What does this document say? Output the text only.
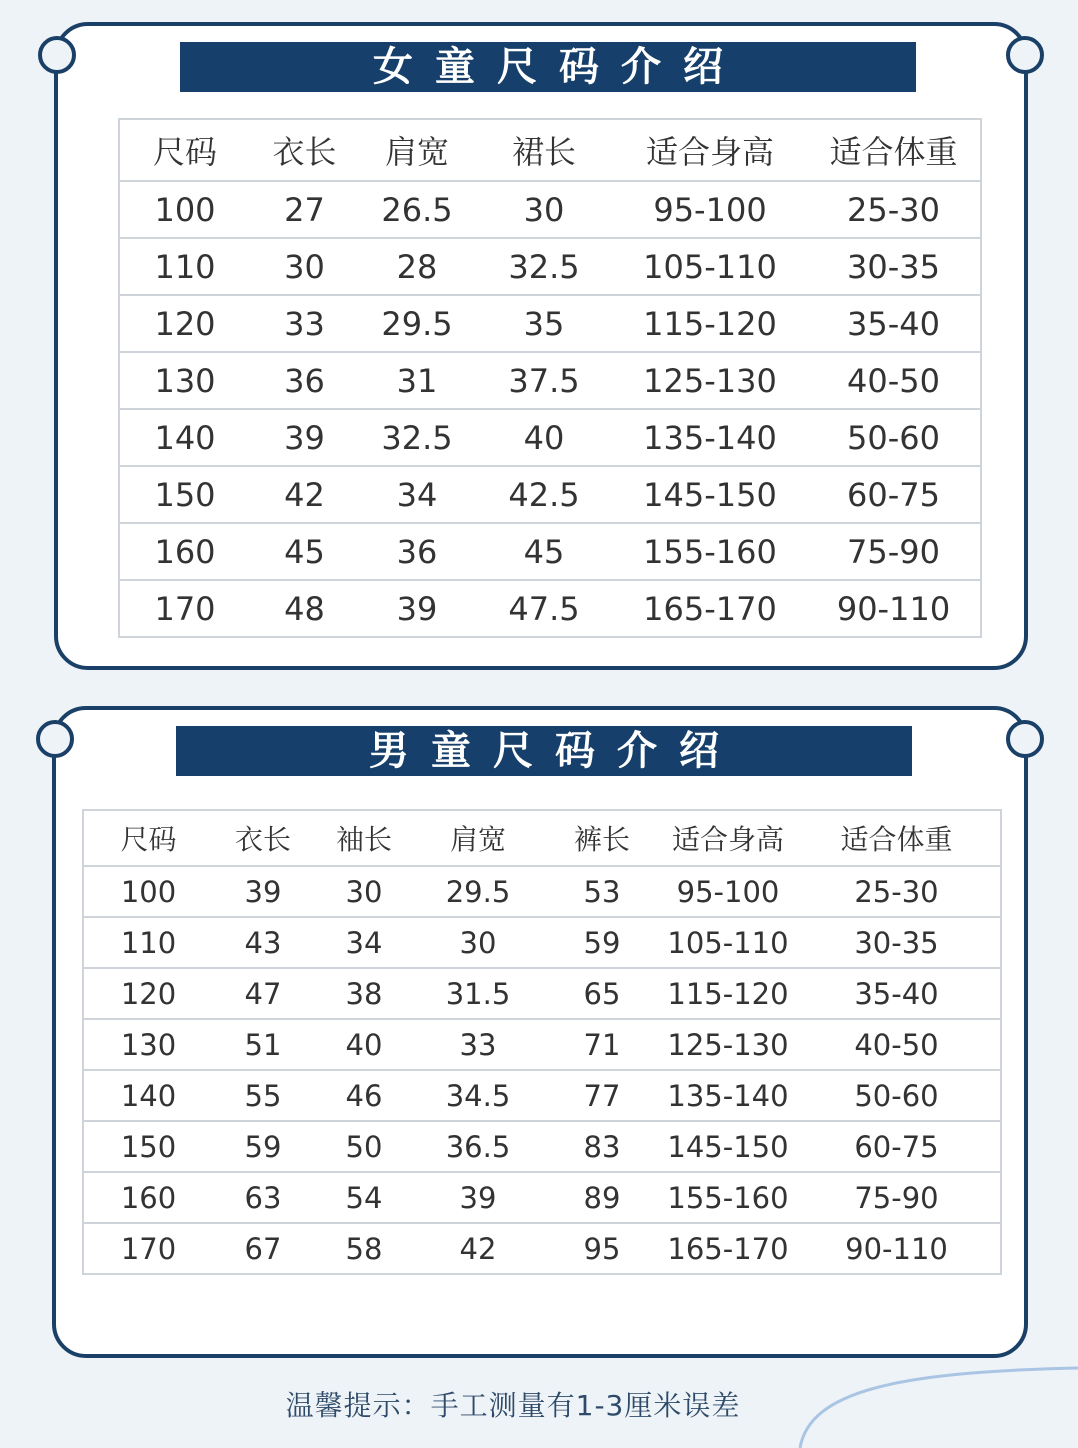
女童尺码介绍
尺码	衣长	肩宽	裙长	适合身高	适合体重
100	27	26.5	30	95-100	25-30
110	30	28	32.5	105-110	30-35
120	33	29.5	35	115-120	35-40
130	36	31	37.5	125-130	40-50
140	39	32.5	40	135-140	50-60
150	42	34	42.5	145-150	60-75
160	45	36	45	155-160	75-90
170	48	39	47.5	165-170	90-110
男童尺码介绍
尺码	衣长	袖长	肩宽	裤长	适合身高	适合体重
100	39	30	29.5	53	95-100	25-30
110	43	34	30	59	105-110	30-35
120	47	38	31.5	65	115-120	35-40
130	51	40	33	71	125-130	40-50
140	55	46	34.5	77	135-140	50-60
150	59	50	36.5	83	145-150	60-75
160	63	54	39	89	155-160	75-90
170	67	58	42	95	165-170	90-110
温馨提示：手工测量有1-3厘米误差
